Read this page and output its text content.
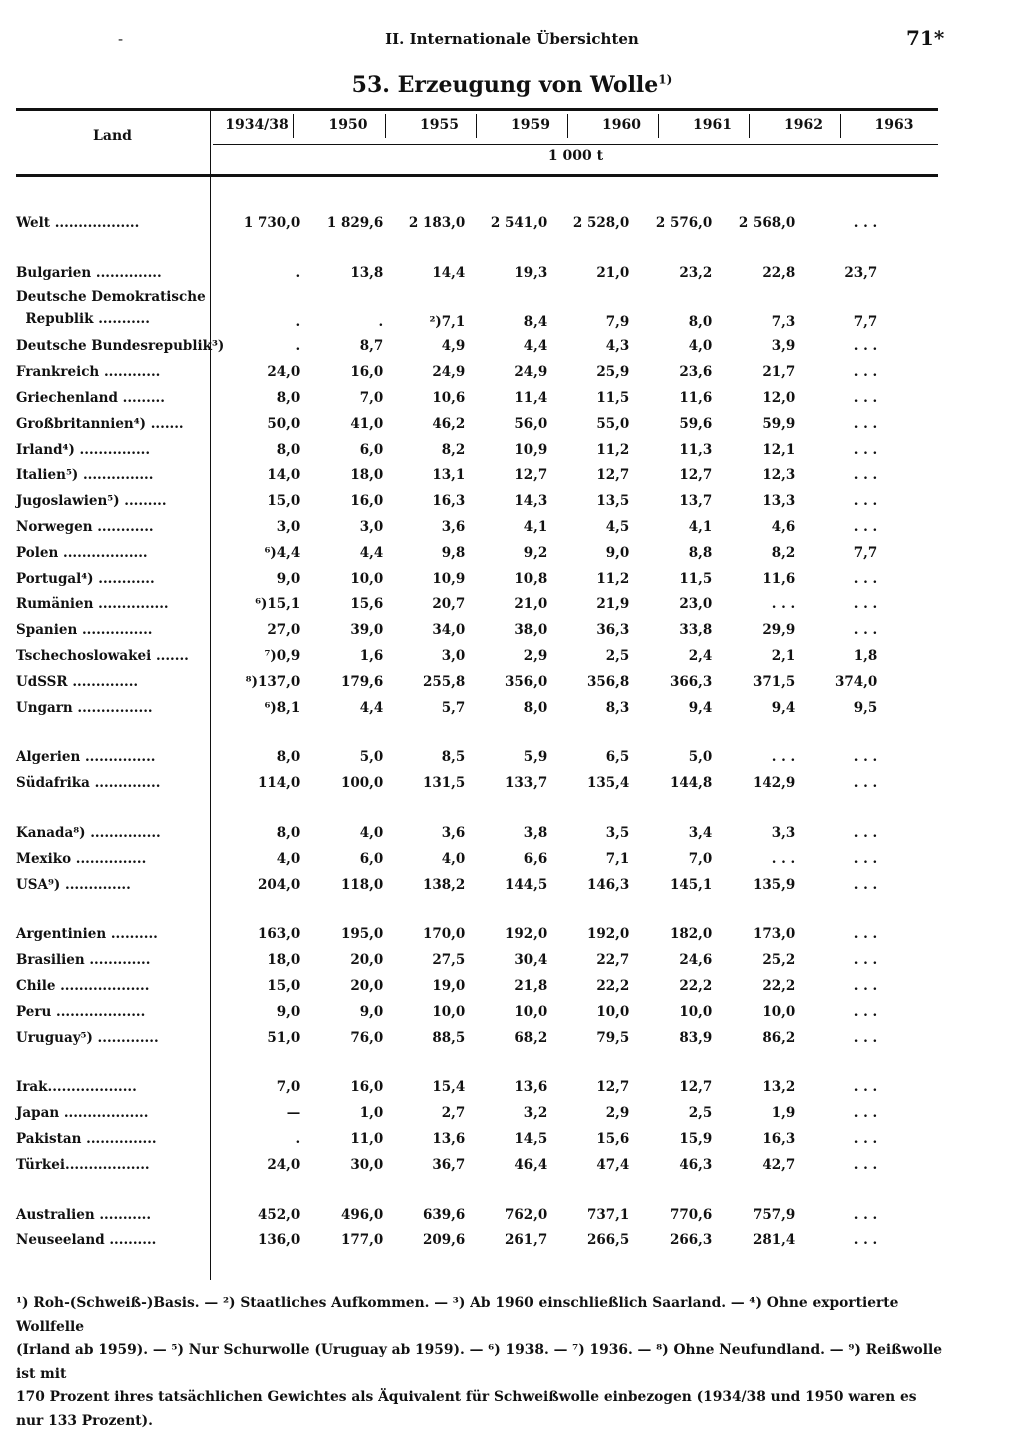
-	II. Internationale Übersichten	71*
53. Erzeugung von Wolle$^{1)}$
Land
1 000 t
1934/38	1950	1955	1959	1960	1961	1962	1963
Welt ..................	1 730,0	1 829,6	2 183,0	2 541,0	2 528,0	2 576,0	2 568,0	. . .

Bulgarien ..............	.	13,8	14,4	19,3	21,0	23,2	22,8	23,7
Deutsche Demokratische
Republik ...........	.	.	²)7,1	8,4	7,9	8,0	7,3	7,7
Deutsche Bundesrepublik³)	.	8,7	4,9	4,4	4,3	4,0	3,9	. . .
Frankreich ............	24,0	16,0	24,9	24,9	25,9	23,6	21,7	. . .
Griechenland .........	8,0	7,0	10,6	11,4	11,5	11,6	12,0	. . .
Großbritannien⁴) .......	50,0	41,0	46,2	56,0	55,0	59,6	59,9	. . .
Irland⁴) ...............	8,0	6,0	8,2	10,9	11,2	11,3	12,1	. . .
Italien⁵) ...............	14,0	18,0	13,1	12,7	12,7	12,7	12,3	. . .
Jugoslawien⁵) .........	15,0	16,0	16,3	14,3	13,5	13,7	13,3	. . .
Norwegen ............	3,0	3,0	3,6	4,1	4,5	4,1	4,6	. . .
Polen ..................	⁶)4,4	4,4	9,8	9,2	9,0	8,8	8,2	7,7
Portugal⁴) ............	9,0	10,0	10,9	10,8	11,2	11,5	11,6	. . .
Rumänien ...............	⁶)15,1	15,6	20,7	21,0	21,9	23,0	. . .	. . .
Spanien ...............	27,0	39,0	34,0	38,0	36,3	33,8	29,9	. . .
Tschechoslowakei .......	⁷)0,9	1,6	3,0	2,9	2,5	2,4	2,1	1,8
UdSSR ..............	⁸)137,0	179,6	255,8	356,0	356,8	366,3	371,5	374,0
Ungarn ................	⁶)8,1	4,4	5,7	8,0	8,3	9,4	9,4	9,5

Algerien ...............	8,0	5,0	8,5	5,9	6,5	5,0	. . .	. . .
Südafrika ..............	114,0	100,0	131,5	133,7	135,4	144,8	142,9	. . .

Kanada⁸) ...............	8,0	4,0	3,6	3,8	3,5	3,4	3,3	. . .
Mexiko ...............	4,0	6,0	4,0	6,6	7,1	7,0	. . .	. . .
USA⁹) ..............	204,0	118,0	138,2	144,5	146,3	145,1	135,9	. . .

Argentinien ..........	163,0	195,0	170,0	192,0	192,0	182,0	173,0	. . .
Brasilien .............	18,0	20,0	27,5	30,4	22,7	24,6	25,2	. . .
Chile ...................	15,0	20,0	19,0	21,8	22,2	22,2	22,2	. . .
Peru ...................	9,0	9,0	10,0	10,0	10,0	10,0	10,0	. . .
Uruguay⁵) .............	51,0	76,0	88,5	68,2	79,5	83,9	86,2	. . .

Irak...................	7,0	16,0	15,4	13,6	12,7	12,7	13,2	. . .
Japan ..................	—	1,0	2,7	3,2	2,9	2,5	1,9	. . .
Pakistan ...............	.	11,0	13,6	14,5	15,6	15,9	16,3	. . .
Türkei..................	24,0	30,0	36,7	46,4	47,4	46,3	42,7	. . .

Australien ...........	452,0	496,0	639,6	762,0	737,1	770,6	757,9	. . .
Neuseeland ..........	136,0	177,0	209,6	261,7	266,5	266,3	281,4	. . .
¹) Roh-(Schweiß-)Basis. — ²) Staatliches Aufkommen. — ³) Ab 1960 einschließlich Saarland. — ⁴) Ohne exportierte Wollfelle
(Irland ab 1959). — ⁵) Nur Schurwolle (Uruguay ab 1959). — ⁶) 1938. — ⁷) 1936. — ⁸) Ohne Neufundland. — ⁹) Reißwolle ist mit
170 Prozent ihres tatsächlichen Gewichtes als Äquivalent für Schweißwolle einbezogen (1934/38 und 1950 waren es nur 133 Prozent).
